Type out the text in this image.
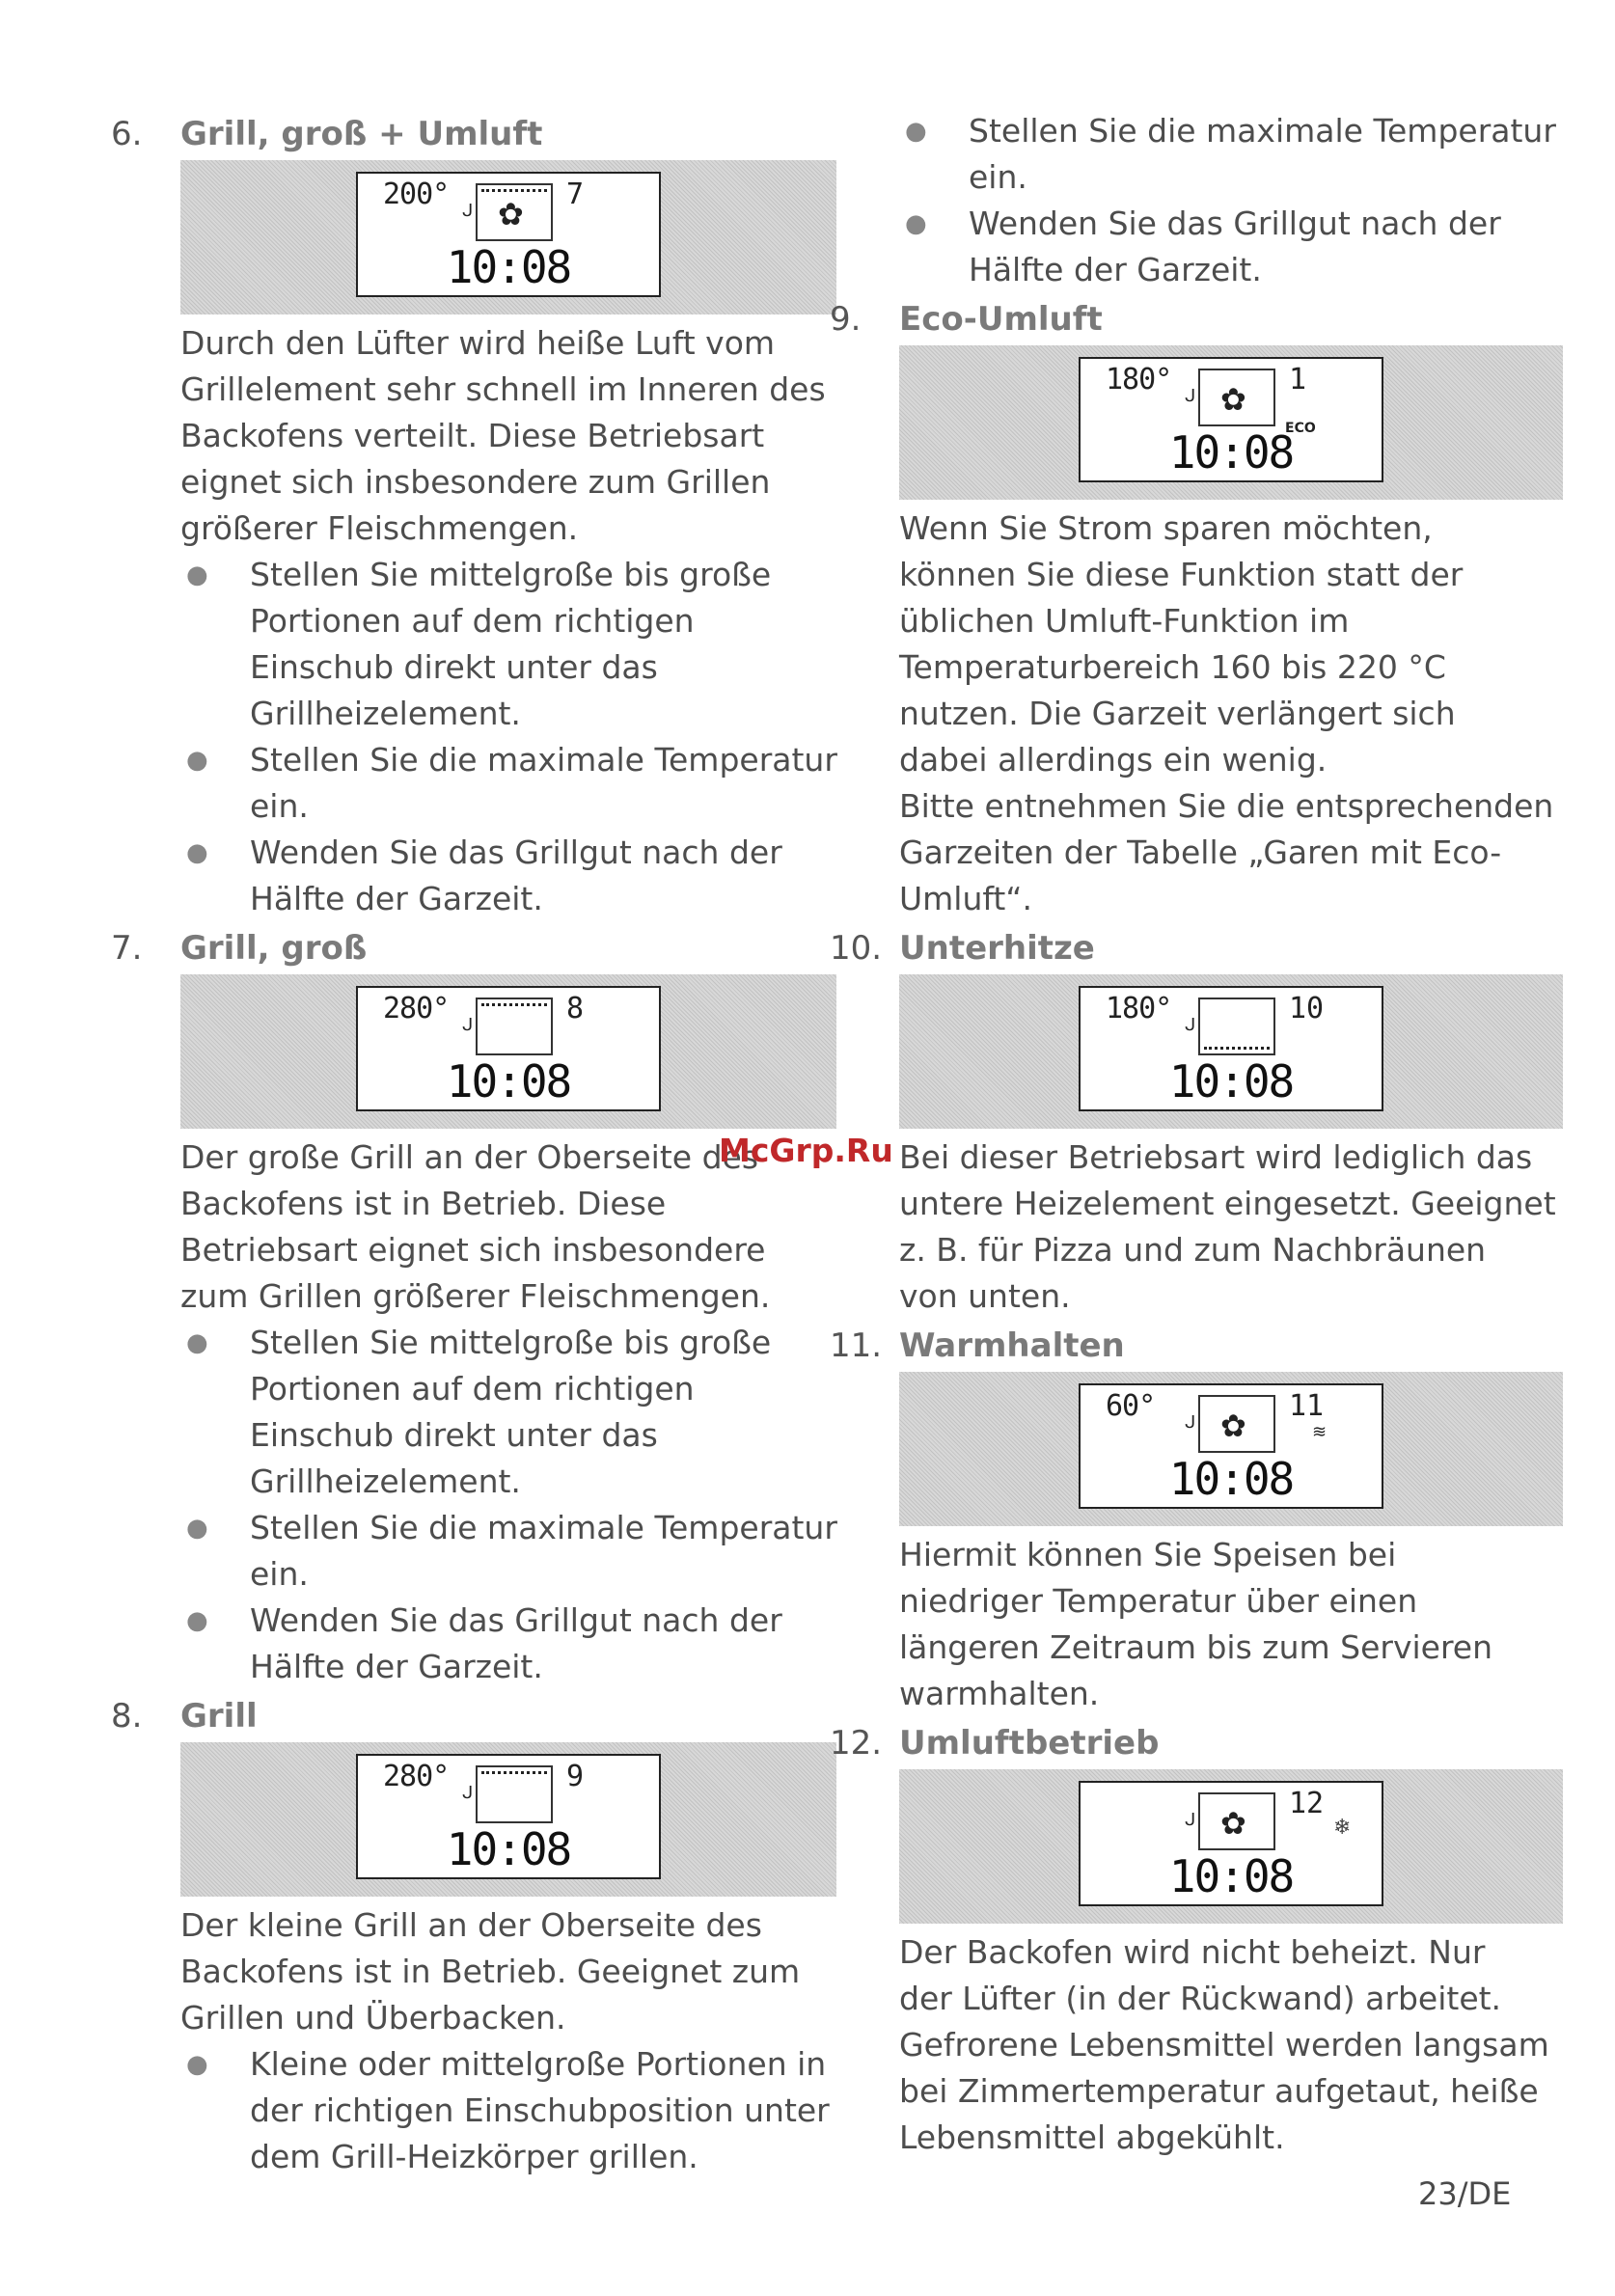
6. Grill, groß + Umluft
200° ᒍ ✿
7
10:08

Durch den Lüfter wird heiße Luft vom
Grillelement sehr schnell im Inneren des
Backofens verteilt. Diese Betriebsart
eignet sich insbesondere zum Grillen
größerer Fleischmengen.

● Stellen Sie mittelgroße bis große Portionen auf dem richtigen Einschub direkt unter das Grillheizelement.
● Stellen Sie die maximale Temperatur ein.
● Wenden Sie das Grillgut nach der Hälfte der Garzeit.
7. Grill, groß
280° ᒍ	8
10:08

Der große Grill an der Oberseite des
Backofens ist in Betrieb. Diese
Betriebsart eignet sich insbesondere
zum Grillen größerer Fleischmengen.

● Stellen Sie mittelgroße bis große Portionen auf dem richtigen Einschub direkt unter das Grillheizelement.
● Stellen Sie die maximale Temperatur ein.
● Wenden Sie das Grillgut nach der Hälfte der Garzeit.
8. Grill
280° ᒍ	9
10:08

Der kleine Grill an der Oberseite des
Backofens ist in Betrieb. Geeignet zum
Grillen und Überbacken.

● Kleine oder mittelgroße Portionen in der richtigen Einschubposition unter dem Grill-Heizkörper grillen.
● Stellen Sie die maximale Temperatur ein.
● Wenden Sie das Grillgut nach der Hälfte der Garzeit.
9. Eco-Umluft
180° ᒍ ✿
1
ECO
10:08

Wenn Sie Strom sparen möchten,
können Sie diese Funktion statt der
üblichen Umluft-Funktion im
Temperaturbereich 160 bis 220 °C
nutzen. Die Garzeit verlängert sich
dabei allerdings ein wenig.
Bitte entnehmen Sie die entsprechenden
Garzeiten der Tabelle „Garen mit Eco-
Umluft“.

10. Unterhitze
180° ᒍ	10
10:08

Bei dieser Betriebsart wird lediglich das
untere Heizelement eingesetzt. Geeignet
z. B. für Pizza und zum Nachbräunen
von unten.

11. Warmhalten
60° ᒍ ✿
11
≋
10:08

Hiermit können Sie Speisen bei
niedriger Temperatur über einen
längeren Zeitraum bis zum Servieren
warmhalten.

12. Umluftbetrieb
ᒍ ✿
12
❄
10:08

Der Backofen wird nicht beheizt. Nur
der Lüfter (in der Rückwand) arbeitet.
Gefrorene Lebensmittel werden langsam
bei Zimmertemperatur aufgetaut, heiße
Lebensmittel abgekühlt.

McGrp.Ru
23/DE
